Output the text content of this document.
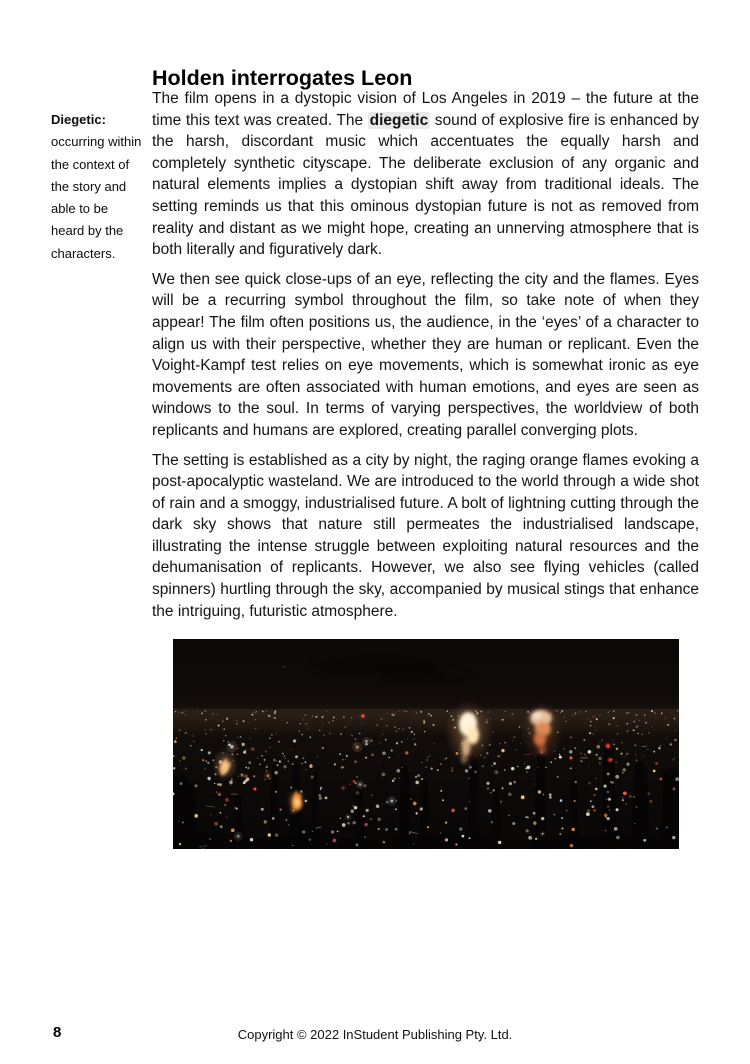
Holden interrogates Leon
Diegetic:
occurring within
the context of
the story and
able to be
heard by the
characters.

The film opens in a dystopic vision of Los Angeles in 2019 – the future at the time this text was created. The diegetic sound of explosive fire is enhanced by the harsh, discordant music which accentuates the equally harsh and completely synthetic cityscape. The deliberate exclusion of any organic and natural elements implies a dystopian shift away from traditional ideals. The setting reminds us that this ominous dystopian future is not as removed from reality and distant as we might hope, creating an unnerving atmosphere that is both literally and figuratively dark.

We then see quick close-ups of an eye, reflecting the city and the flames. Eyes will be a recurring symbol throughout the film, so take note of when they appear! The film often positions us, the audience, in the ‘eyes’ of a character to align us with their perspective, whether they are human or replicant. Even the Voight-Kampf test relies on eye movements, which is somewhat ironic as eye movements are often associated with human emotions, and eyes are seen as windows to the soul. In terms of varying perspectives, the worldview of both replicants and humans are explored, creating parallel converging plots.

The setting is established as a city by night, the raging orange flames evoking a post-apocalyptic wasteland. We are introduced to the world through a wide shot of rain and a smoggy, industrialised future. A bolt of lightning cutting through the dark sky shows that nature still permeates the industrialised landscape, illustrating the intense struggle between exploiting natural resources and the dehumanisation of replicants. However, we also see flying vehicles (called spinners) hurtling through the sky, accompanied by musical stings that enhance the intriguing, futuristic atmosphere.

8	Copyright © 2022 InStudent Publishing Pty. Ltd.
